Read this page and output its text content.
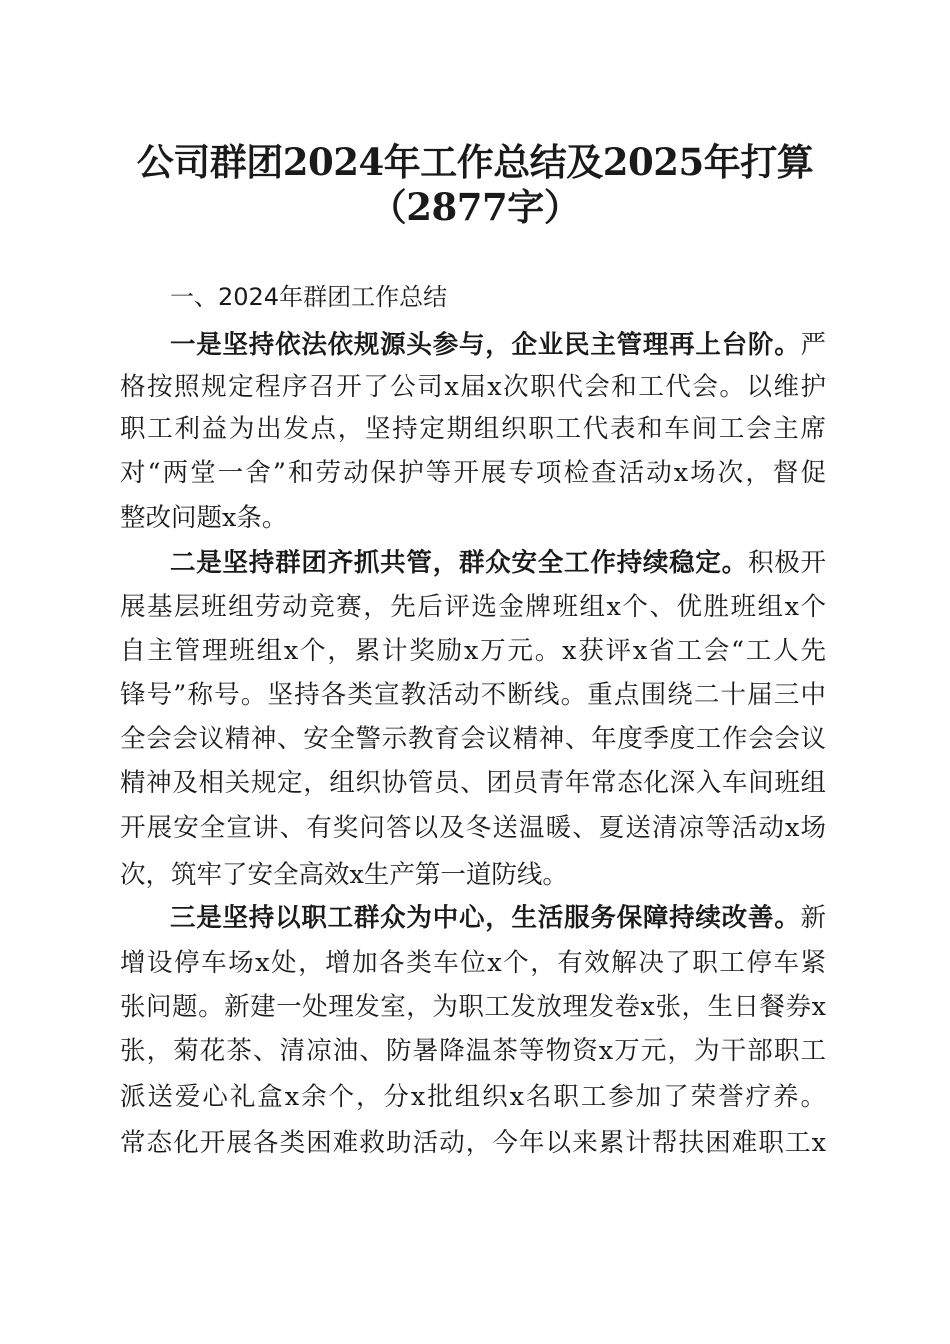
公司群团2024年工作总结及2025年打算
（2877字）
一、2024年群团工作总结
一是坚持依法依规源头参与，企业民主管理再上台阶。严
格按照规定程序召开了公司x届x次职代会和工代会。以维护
职工利益为出发点，坚持定期组织职工代表和车间工会主席
对“两堂一舍”和劳动保护等开展专项检查活动x场次，督促
整改问题x条。
二是坚持群团齐抓共管，群众安全工作持续稳定。积极开
展基层班组劳动竞赛，先后评选金牌班组x个、优胜班组x个
自主管理班组x个，累计奖励x万元。x获评x省工会“工人先
锋号”称号。坚持各类宣教活动不断线。重点围绕二十届三中
全会会议精神、安全警示教育会议精神、年度季度工作会会议
精神及相关规定，组织协管员、团员青年常态化深入车间班组
开展安全宣讲、有奖问答以及冬送温暖、夏送清凉等活动x场
次，筑牢了安全高效x生产第一道防线。
三是坚持以职工群众为中心，生活服务保障持续改善。新
增设停车场x处，增加各类车位x个，有效解决了职工停车紧
张问题。新建一处理发室，为职工发放理发卷x张，生日餐券x
张，菊花茶、清凉油、防暑降温茶等物资x万元，为干部职工
派送爱心礼盒x余个，分x批组织x名职工参加了荣誉疗养。
常态化开展各类困难救助活动，今年以来累计帮扶困难职工x
